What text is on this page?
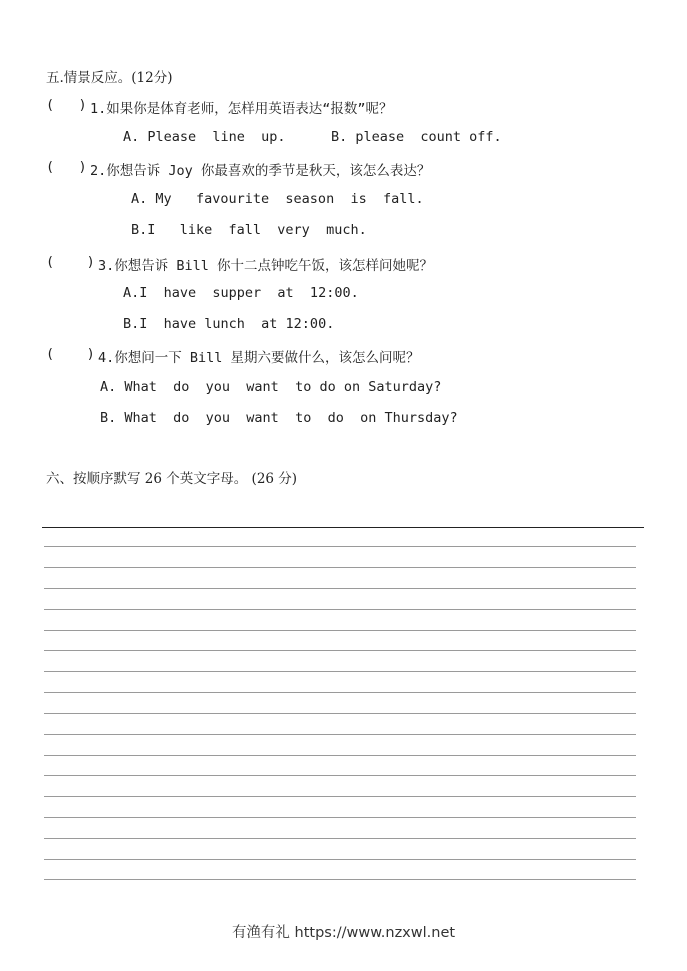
五.情景反应。(12分)
(   ) 1.如果你是体育老师，怎样用英语表达“报数”呢？
A. Please  line  up.	B. please  count off.
(   ) 2.你想告诉 Joy 你最喜欢的季节是秋天，该怎么表达？
A. My   favourite  season  is  fall.
B.I   like  fall  very  much.
(    ) 3.你想告诉 Bill 你十二点钟吃午饭，该怎样问她呢？
A.I  have  supper  at  12:00.
B.I  have lunch  at 12:00.
(    ) 4.你想问一下 Bill 星期六要做什么，该怎么问呢？
A. What  do  you  want  to do on Saturday?
B. What  do  you  want  to  do  on Thursday?
六、按顺序默写 26 个英文字母。 (26 分)
有渔有礼 https://www.nzxwl.net
